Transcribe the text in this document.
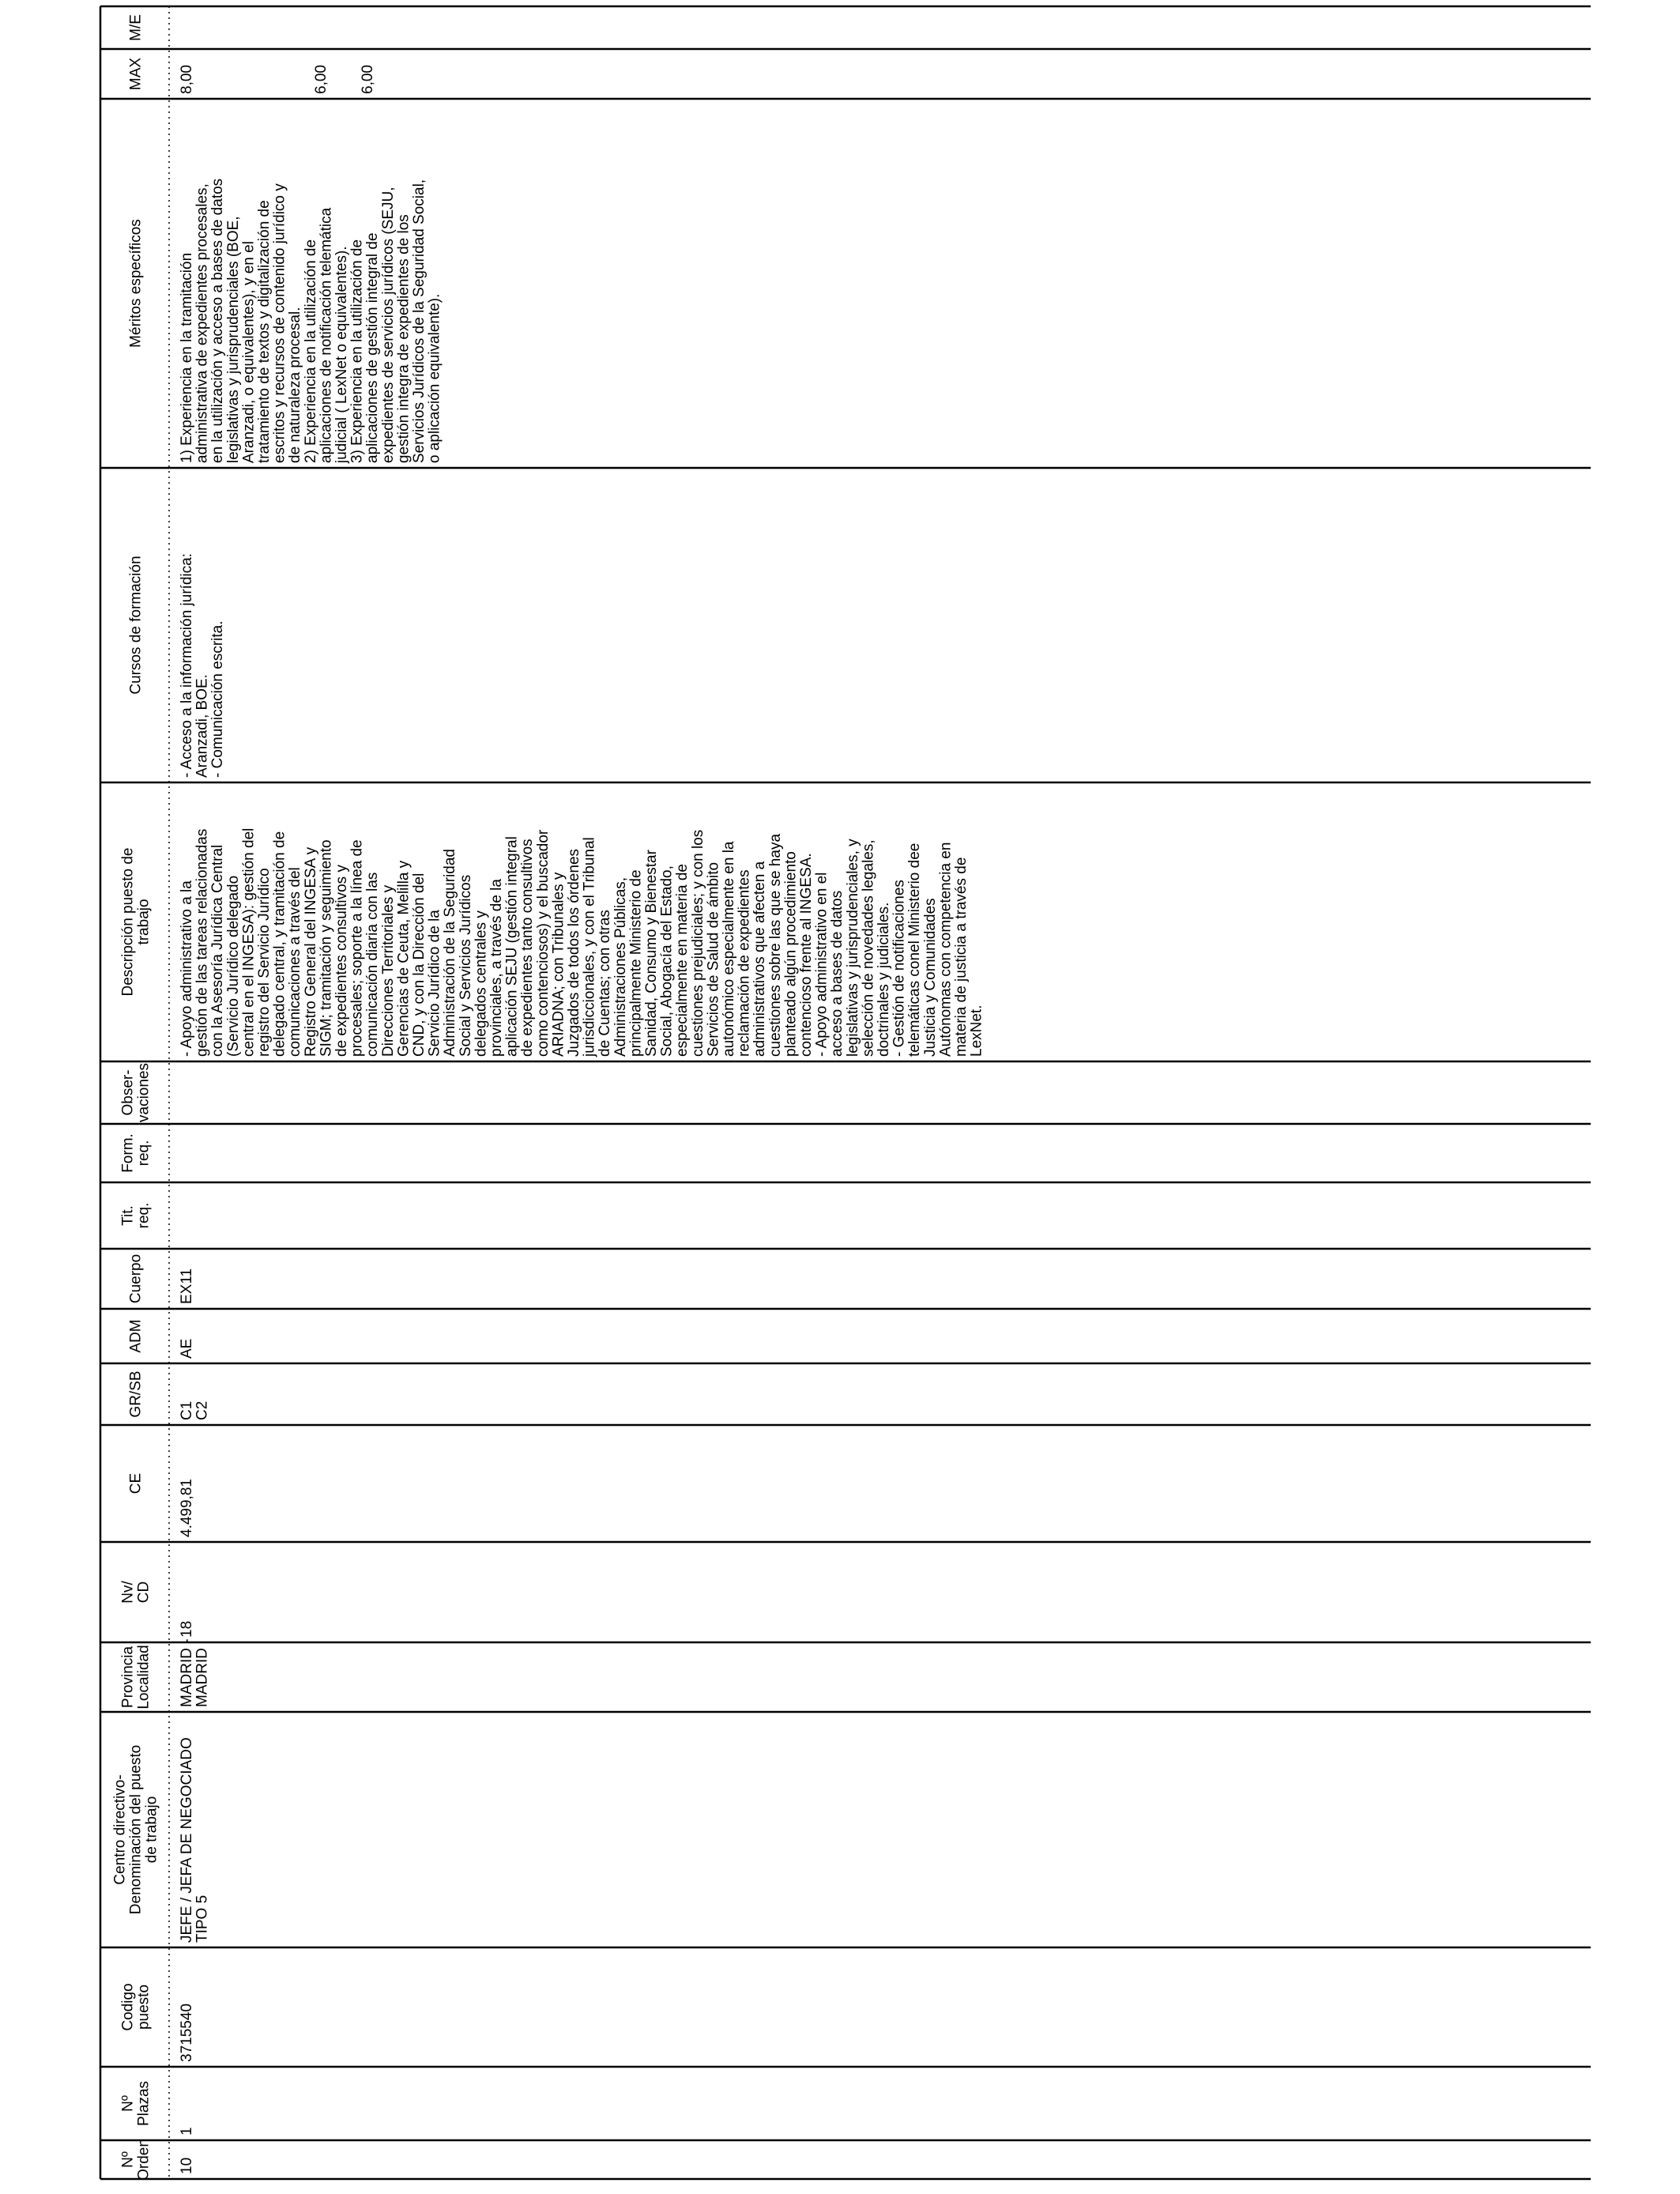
Nº Orden
Nº Plazas
Codigo puesto
Centro directivo- Denominación del puesto de trabajo
Provincia Localidad
Nv/ CD
CE
GR/SB
ADM
Cuerpo
Tit. req.
Form. req.
Obser- vaciones
Descripción puesto de trabajo
Cursos de formación
Méritos específicos
MAX
M/E
10
1
3715540
JEFE / JEFA DE NEGOCIADO
TIPO 5
MADRID -
MADRID
18
4.499,81
C1
C2
AE
EX11
- Apoyo administrativo a la
gestión de las tareas relacionadas
con la Asesoría Jurídica Central
(Servicio Jurídico delegado
central en el INGESA): gestión del
registro del Servicio Jurídico
delegado central, y tramitación de
comunicaciones a través del
Registro General del INGESA y
SIGM; tramitación y seguimiento
de expedientes consultivos y
procesales; soporte a la línea de
comunicación diaria con las
Direcciones Territoriales y
Gerencias de Ceuta, Melilla y
CND, y con la Dirección del
Servicio Jurídico de la
Administración de la Seguridad
Social y Servicios Jurídicos
delegados centrales y
provinciales, a través de la
aplicación SEJU (gestión integral
de expedientes tanto consultivos
como contenciosos) y el buscador
ARIADNA; con Tribunales y
Juzgados de todos los órdenes
jurisdiccionales, y con el Tribunal
de Cuentas; con otras
Administraciones Públicas,
principalmente Ministerio de
Sanidad, Consumo y Bienestar
Social, Abogacía del Estado,
especialmente en materia de
cuestiones prejudiciales; y con los
Servicios de Salud de ámbito
autonómico especialmente en la
reclamación de expedientes
administrativos que afecten a
cuestiones sobre las que se haya
planteado algún procedimiento
contencioso frente al INGESA.
- Apoyo administrativo en el
acceso a bases de datos
legislativas y jurisprudenciales, y
selección de novedades legales,
doctrinales y judiciales.
- Gestión de notificaciones
telemáticas conel Ministerio dee
Justicia y Comunidades
Autónomas con competencia en
materia de justicia a través de
LexNet.
- Acceso a la información jurídica:
Aranzadi, BOE.
- Comunicación escrita.
1) Experiencia en la tramitación
administrativa de expedientes procesales,
en la utilización y acceso a bases de datos
legislativas y jurisprudenciales (BOE,
Aranzadi, o equivalentes), y en el
tratamiento de textos y digitalización de
escritos y recursos de contenido jurídico y
de naturaleza procesal.
2) Experiencia en la utilización de
aplicaciones de notificación telemática
judicial ( LexNet o equivalentes).
3) Experiencia en la utilización de
aplicaciones de gestión integral de
expedientes de servicios jurídicos (SEJU,
gestión integra de expedientes de los
Servicios Jurídicos de la Seguridad Social,
o aplicación equivalente).
8,00	6,00 6,00
